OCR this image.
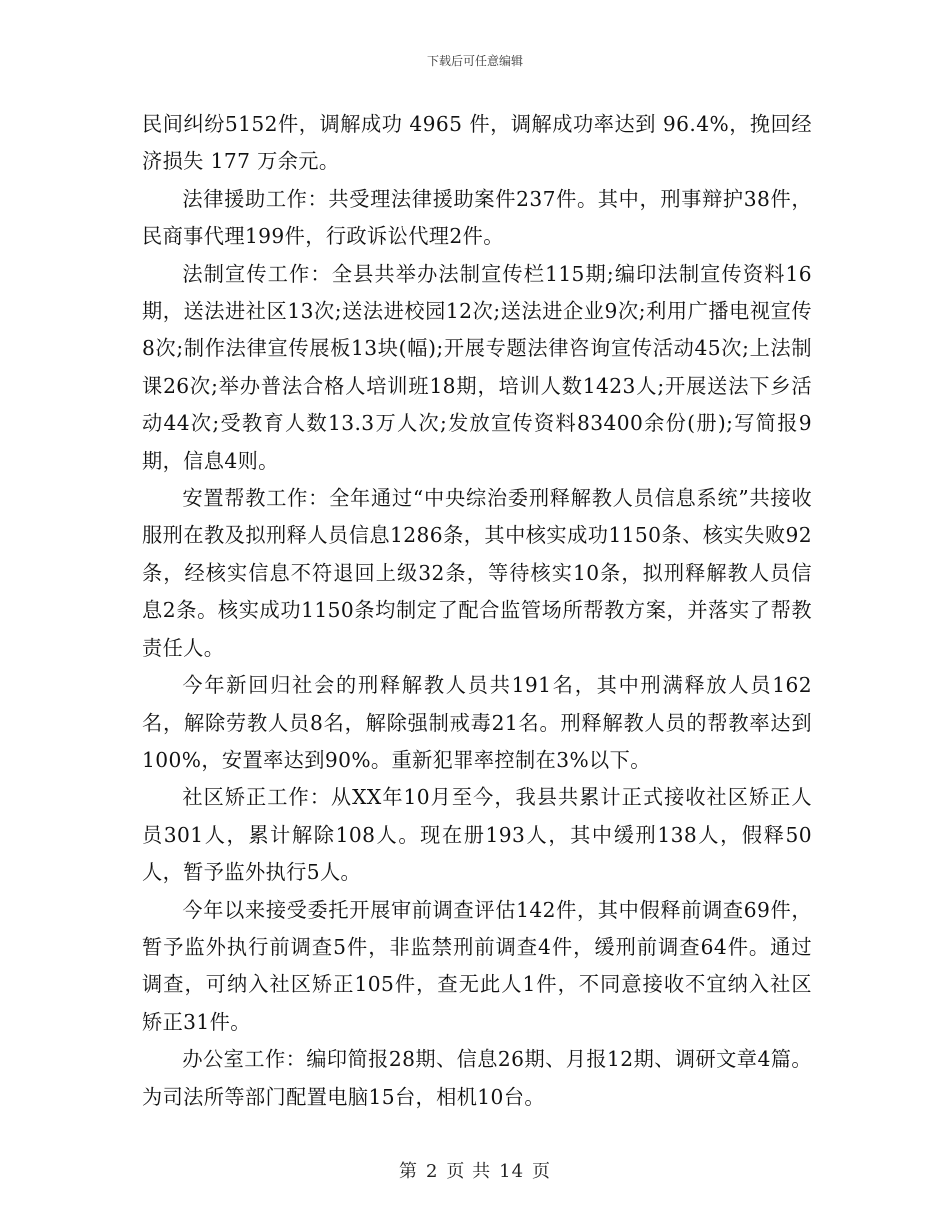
下载后可任意编辑

民间纠纷5152件，调解成功 4965 件，调解成功率达到 96.4%，挽回经济损失 177 万余元。

法律援助工作：共受理法律援助案件237件。其中，刑事辩护38件，民商事代理199件，行政诉讼代理2件。

法制宣传工作：全县共举办法制宣传栏115期;编印法制宣传资料16期，送法进社区13次;送法进校园12次;送法进企业9次;利用广播电视宣传8次;制作法律宣传展板13块(幅);开展专题法律咨询宣传活动45次;上法制课26次;举办普法合格人培训班18期，培训人数1423人;开展送法下乡活动44次;受教育人数13.3万人次;发放宣传资料83400余份(册);写简报9期，信息4则。

安置帮教工作：全年通过“中央综治委刑释解教人员信息系统”共接收服刑在教及拟刑释人员信息1286条，其中核实成功1150条、核实失败92条，经核实信息不符退回上级32条，等待核实10条，拟刑释解教人员信息2条。核实成功1150条均制定了配合监管场所帮教方案，并落实了帮教责任人。

今年新回归社会的刑释解教人员共191名，其中刑满释放人员162名，解除劳教人员8名，解除强制戒毒21名。刑释解教人员的帮教率达到100%，安置率达到90%。重新犯罪率控制在3%以下。

社区矫正工作：从XX年10月至今，我县共累计正式接收社区矫正人员301人，累计解除108人。现在册193人，其中缓刑138人，假释50人，暂予监外执行5人。

今年以来接受委托开展审前调查评估142件，其中假释前调查69件，暂予监外执行前调查5件，非监禁刑前调查4件，缓刑前调查64件。通过调查，可纳入社区矫正105件，查无此人1件，不同意接收不宜纳入社区矫正31件。

办公室工作：编印简报28期、信息26期、月报12期、调研文章4篇。为司法所等部门配置电脑15台，相机10台。

第 2 页 共 14 页
